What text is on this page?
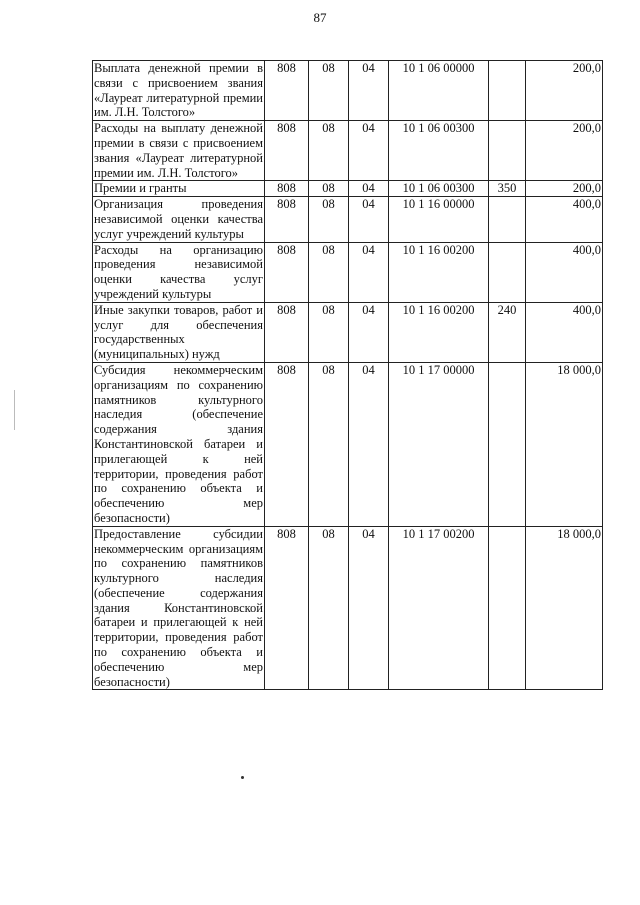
87
Выплата денежной премии в связи с присвоением звания «Лауреат литературной премии им. Л.Н. Толстого»	808	08	04	10 1 06 00000		200,0
Расходы на выплату денежной премии в связи с присвоением звания «Лауреат литературной премии им. Л.Н. Толстого»	808	08	04	10 1 06 00300		200,0
Премии и гранты	808	08	04	10 1 06 00300	350	200,0
Организация проведения независимой оценки качества услуг учреждений культуры	808	08	04	10 1 16 00000		400,0
Расходы на организацию проведения независимой оценки качества услуг учреждений культуры	808	08	04	10 1 16 00200		400,0
Иные закупки товаров, работ и услуг для обеспечения государственных (муниципальных) нужд	808	08	04	10 1 16 00200	240	400,0
Субсидия некоммерческим организациям по сохранению памятников культурного наследия (обеспечение содержания здания Константиновской батареи и прилегающей к ней территории, проведения работ по сохранению объекта и обеспечению мер безопасности)	808	08	04	10 1 17 00000		18 000,0
Предоставление субсидии некоммерческим организациям по сохранению памятников культурного наследия (обеспечение содержания здания Константиновской батареи и прилегающей к ней территории, проведения работ по сохранению объекта и обеспечению мер безопасности)	808	08	04	10 1 17 00200		18 000,0
